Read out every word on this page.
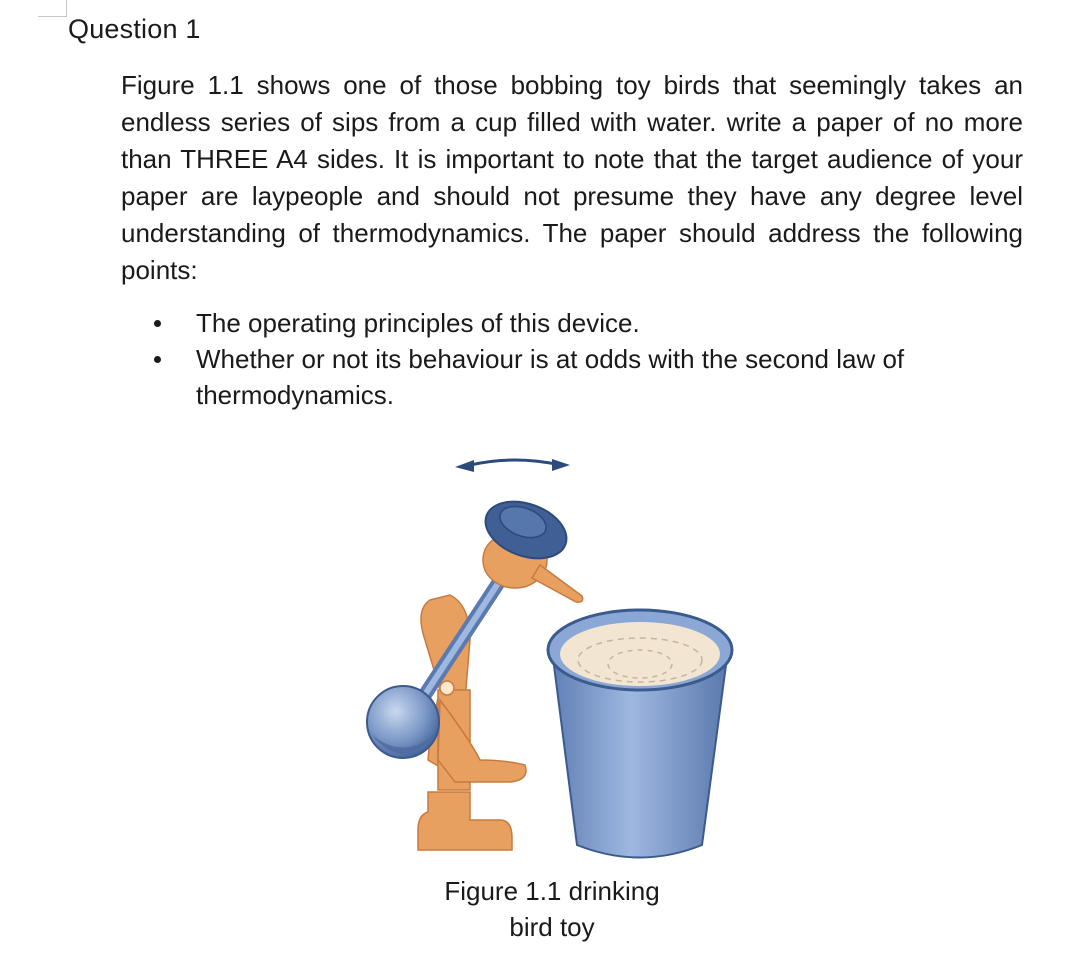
Question 1

Figure 1.1 shows one of those bobbing toy birds that seemingly takes an endless series of sips from a cup filled with water. write a paper of no more than THREE A4 sides. It is important to note that the target audience of your paper are laypeople and should not presume they have any degree level understanding of thermodynamics. The paper should address the following points:

The operating principles of this device.
Whether or not its behaviour is at odds with the second law of thermodynamics.
Figure 1.1 drinking
bird toy
